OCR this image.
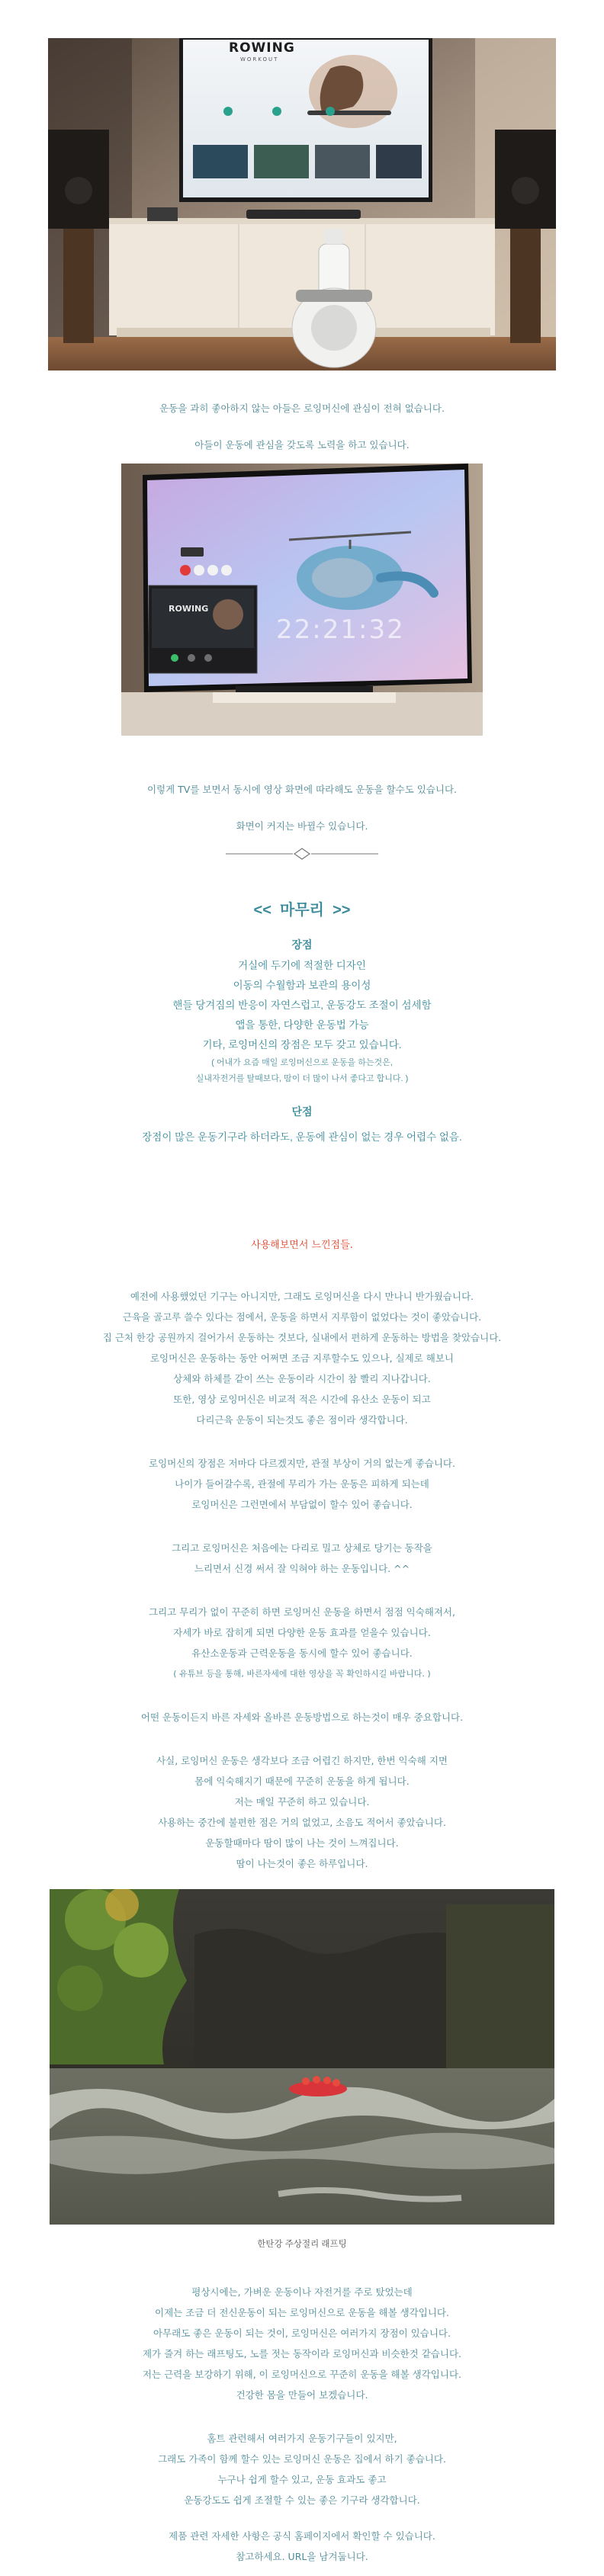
ROWING
WORKOUT

운동을 과히 좋아하지 않는 아들은 로잉머신에 관심이 전혀 없습니다.

아들이 운동에 관심을 갖도록 노력을 하고 있습니다.

ROWING
22:21:32

이렇게 TV를 보면서 동시에 영상 화면에 따라해도 운동을 할수도 있습니다.

화면이 커지는 바뀔수 있습니다.

<<  마무리  >>
장점
거실에 두기에 적절한 디자인
이동의 수월함과 보관의 용이성
핸들 당겨짐의 반응이 자연스럽고, 운동강도 조절이 섬세함
앱을 통한, 다양한 운동법 가능
기타, 로잉머신의 장점은 모두 갖고 있습니다.
( 어내가 요즘 매일 로잉머신으로 운동을 하는것은,
실내자전거를 탈때보다, 땀이 더 많이 나서 좋다고 합니다. )
단점
장점이 많은 운동기구라 하더라도, 운동에 관심이 없는 경우 어렵수 없음.
사용해보면서 느낀점들.
예전에 사용했었던 기구는 아니지만, 그래도 로잉머신을 다시 만나니 반가웠습니다.
근육을 골고루 쓸수 있다는 점에서, 운동을 하면서 지루함이 없었다는 것이 좋았습니다.
집 근처 한강 공원까지 걸어가서 운동하는 것보다, 실내에서 편하게 운동하는 방법을 찾았습니다.
로잉머신은 운동하는 동안 어쩌면 조금 지루할수도 있으나, 실제로 해보니
상체와 하체를 같이 쓰는 운동이라 시간이 참 빨리 지나갑니다.
또한, 영상 로잉머신은 비교적 적은 시간에 유산소 운동이 되고
다리근육 운동이 되는것도 좋은 점이라 생각합니다.
로잉머신의 장점은 저마다 다르겠지만, 관절 부상이 거의 없는게 좋습니다.
나이가 들어갈수록, 관절에 무리가 가는 운동은 피하게 되는데
로잉머신은 그런면에서 부담없이 할수 있어 좋습니다.
그리고 로잉머신은 처음에는 다리로 밀고 상체로 당기는 동작을
느리면서 신경 써서 잘 익혀야 하는 운동입니다. ^^
그리고 무리가 없이 꾸준히 하면 로잉머신 운동을 하면서 점점 익숙해져서,
자세가 바로 잡히게 되면 다양한 운동 효과를 얻을수 있습니다.
유산소운동과 근력운동을 동시에 할수 있어 좋습니다.
( 유튜브 등을 통해, 바른자세에 대한 영상을 꼭 확인하시길 바랍니다. )
어떤 운동이든지 바른 자세와 올바른 운동방법으로 하는것이 매우 중요합니다.
사실, 로잉머신 운동은 생각보다 조금 어렵긴 하지만, 한번 익숙해 지면
몸에 익숙해지기 때문에 꾸준히 운동을 하게 됩니다.
저는 매일 꾸준히 하고 있습니다.
사용하는 중간에 불편한 점은 거의 없었고, 소음도 적어서 좋았습니다.
운동할때마다 땀이 많이 나는 것이 느껴집니다.
땀이 나는것이 좋은 하루입니다.
한탄강 주상절리 래프팅
평상시에는, 가벼운 운동이나 자전거를 주로 탔었는데
이제는 조금 더 전신운동이 되는 로잉머신으로 운동을 해볼 생각입니다.
아무래도 좋은 운동이 되는 것이, 로잉머신은 여러가지 장점이 있습니다.
제가 즐겨 하는 래프팅도, 노를 젓는 동작이라 로잉머신과 비슷한것 같습니다.
저는 근력을 보강하기 위해, 이 로잉머신으로 꾸준히 운동을 해볼 생각입니다.
건강한 몸을 만들어 보겠습니다.
홈트 관련해서 여러가지 운동기구들이 있지만,
그래도 가족이 함께 할수 있는 로잉머신 운동은 집에서 하기 좋습니다.
누구나 쉽게 할수 있고, 운동 효과도 좋고
운동강도도 쉽게 조절할 수 있는 좋은 기구라 생각합니다.
제품 관련 자세한 사항은 공식 홈페이지에서 확인할 수 있습니다.
참고하세요. URL을 남겨둡니다.
